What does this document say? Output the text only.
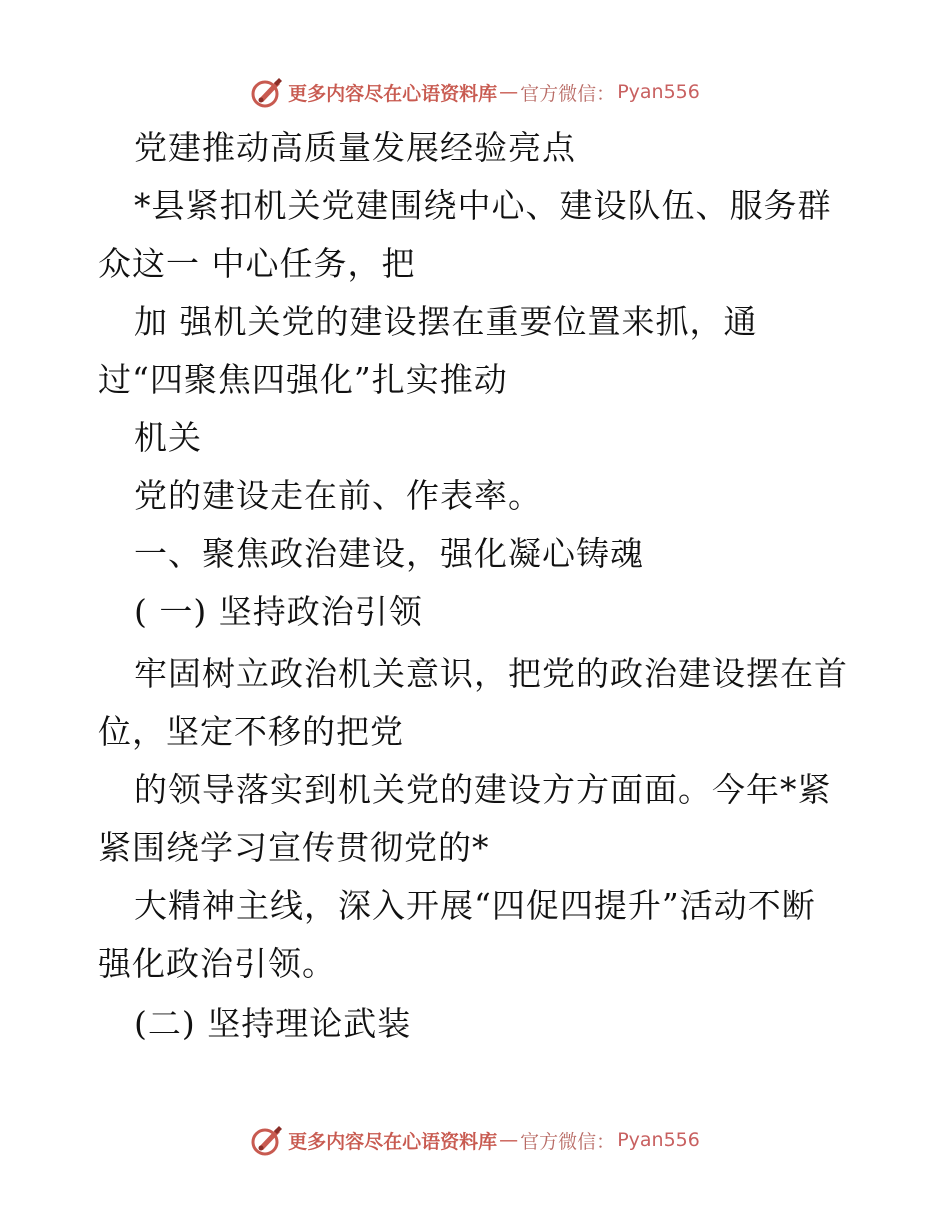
更多内容尽在心语资料库 — 官方微信： Pyan556
党建推动高质量发展经验亮点
*县紧扣机关党建围绕中心、建设队伍、服务群
众这一 中心任务，把
加 强机关党的建设摆在重要位置来抓，通
过“四聚焦四强化”扎实推动
机关
党的建设走在前、作表率。
一、聚焦政治建设，强化凝心铸魂
( 一) 坚持政治引领
牢固树立政治机关意识，把党的政治建设摆在首
位，坚定不移的把党
的领导落实到机关党的建设方方面面。今年*紧
紧围绕学习宣传贯彻党的*
大精神主线，深入开展“四促四提升”活动不断
强化政治引领。
(二) 坚持理论武装
更多内容尽在心语资料库 — 官方微信： Pyan556
